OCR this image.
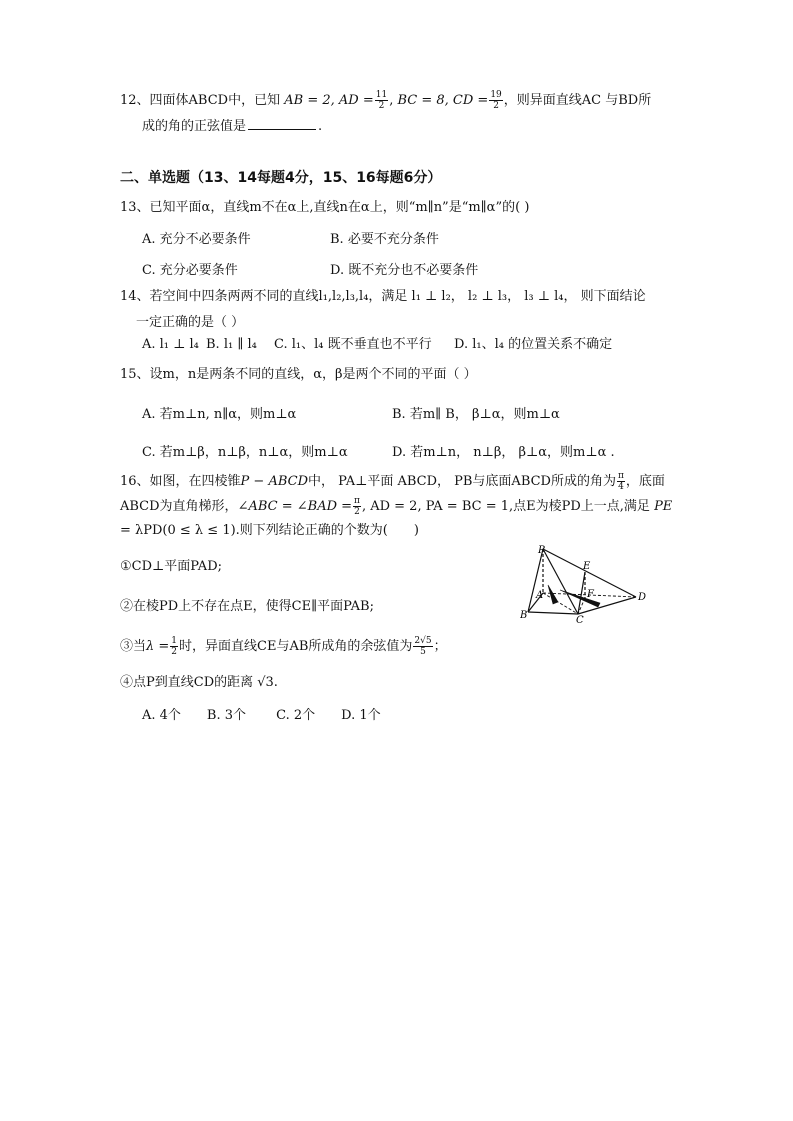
12、四面体ABCD中，已知 AB = 2, AD = $\frac{11}{2}$ , BC = 8, CD = $\frac{19}{2}$ ，则异面直线AC 与BD所
成的角的正弦值是	.
二、单选题（13、14每题4分，15、16每题6分）
13、已知平面α，直线m不在α上,直线n在α上，则“m∥n”是“m∥α”的( )
A. 充分不必要条件	B. 必要不充分条件
C. 充分必要条件	D. 既不充分也不必要条件
14、若空间中四条两两不同的直线l₁,l₂,l₃,l₄，满足 l₁ ⊥ l₂， l₂ ⊥ l₃， l₃ ⊥ l₄， 则下面结论
一定正确的是（ ）
A. l₁ ⊥ l₄ B. l₁ ∥ l₄ C. l₁、l₄ 既不垂直也不平行 D. l₁、l₄ 的位置关系不确定
15、设m，n是两条不同的直线，α，β是两个不同的平面（ ）
A. 若m⊥n, n∥α，则m⊥α	B. 若m∥ B， β⊥α，则m⊥α
C. 若m⊥β，n⊥β，n⊥α，则m⊥α	D. 若m⊥n， n⊥β， β⊥α，则m⊥α .
16、如图，在四棱锥P − ABCD中， PA⊥平面 ABCD， PB与底面ABCD所成的角为 $\frac{\pi}{4}$ ，底面
ABCD为直角梯形，∠ABC = ∠BAD = $\frac{\pi}{2}$ , AD = 2, PA = BC = 1,点E为棱PD上一点,满足 PE
= λPD(0 ≤ λ ≤ 1).则下列结论正确的个数为(　　)
①CD⊥平面PAD;
②在棱PD上不存在点E，使得CE∥平面PAB;
③当$\lambda = \frac{1}{2}$ 时，异面直线CE与AB所成角的余弦值为 $\frac{2√5}{5}$ ；
④点P到直线CD的距离 √3.
A. 4个　　B. 3个　　 C. 2个　　D. 1个
P
A
B	C
D
E
F
